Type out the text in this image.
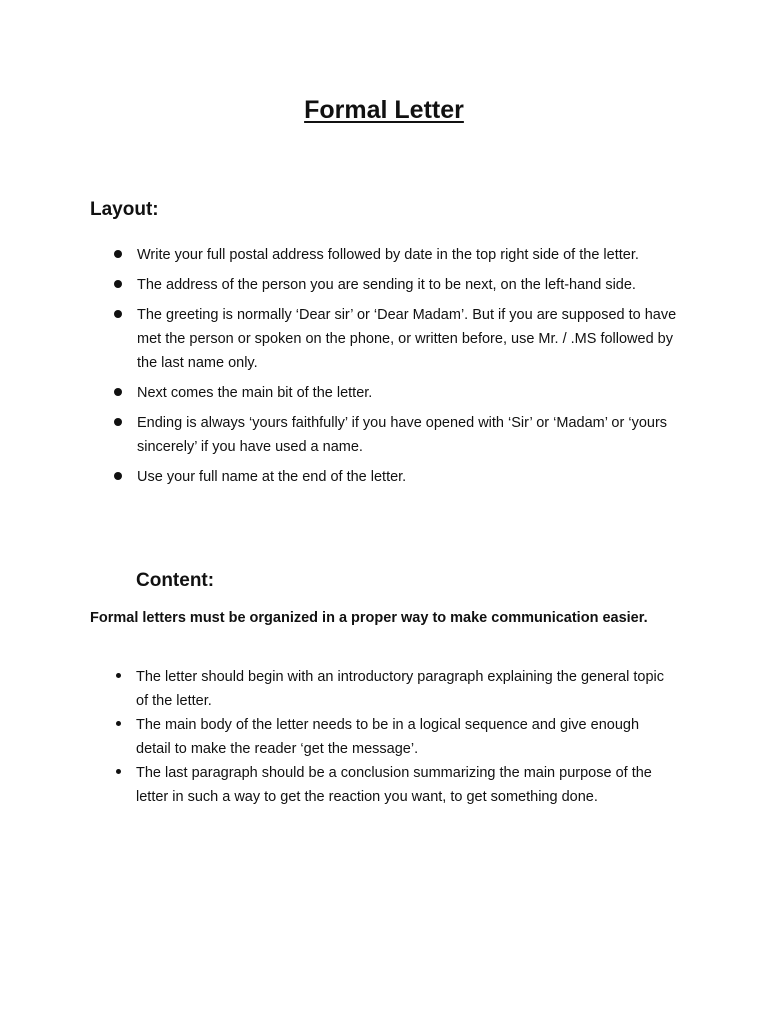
Formal Letter
Layout:
Write your full postal address followed by date in the top right side of the letter.
The address of the person you are sending it to be next, on the left-hand side.
The greeting is normally ‘Dear sir’ or ‘Dear Madam’. But if you are supposed to have met the person or spoken on the phone, or written before, use Mr. / .MS followed by the last name only.
Next comes the main bit of the letter.
Ending is always ‘yours faithfully’ if you have opened with ‘Sir’ or ‘Madam’ or ‘yours sincerely’ if you have used a name.
Use your full name at the end of the letter.
Content:

Formal letters must be organized in a proper way to make communication easier.

The letter should begin with an introductory paragraph explaining the general topic of the letter.
The main body of the letter needs to be in a logical sequence and give enough detail to make the reader ‘get the message’.
The last paragraph should be a conclusion summarizing the main purpose of the letter in such a way to get the reaction you want, to get something done.
